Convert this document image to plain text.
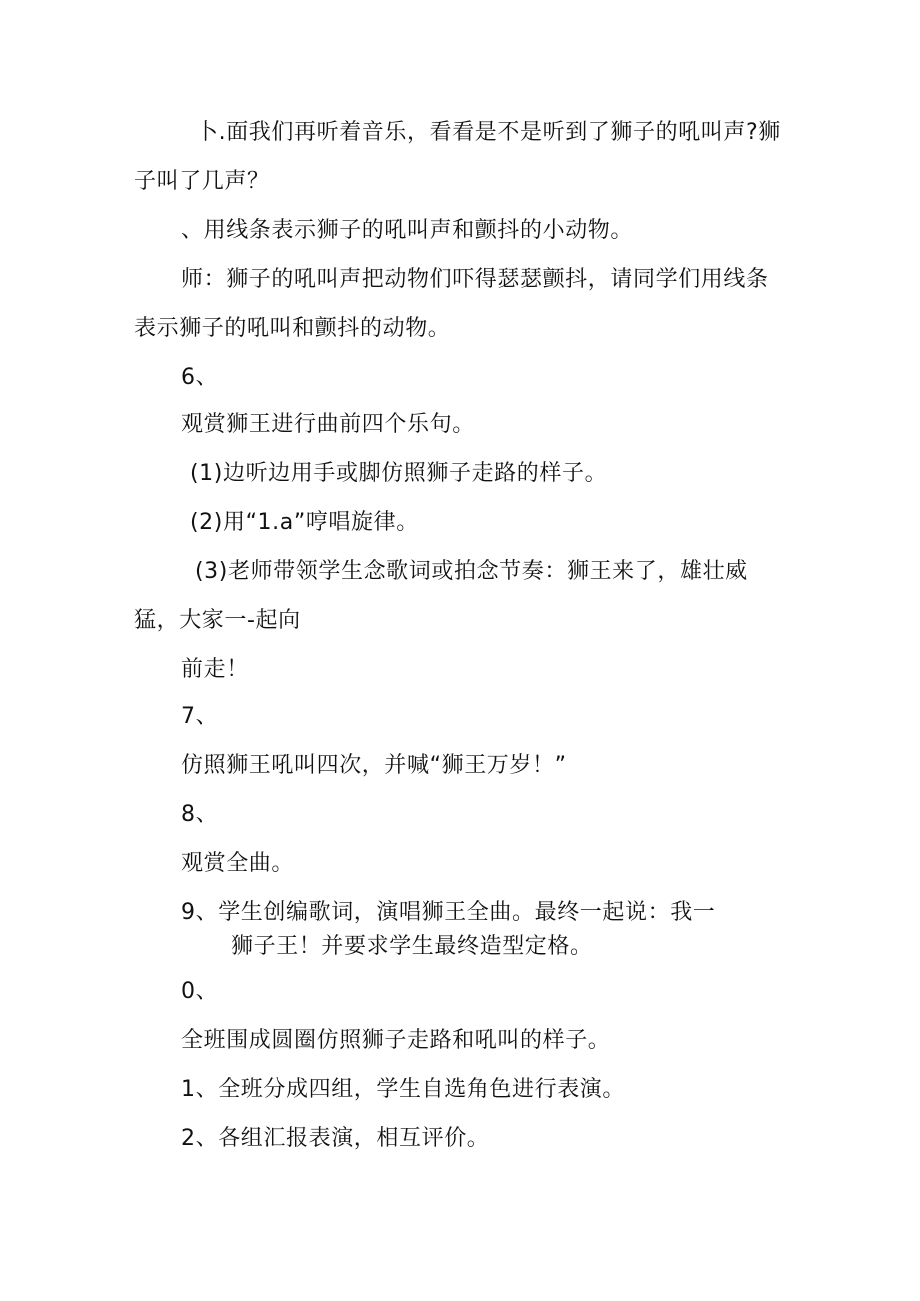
卜.面我们再听着音乐，看看是不是听到了狮子的吼叫声?狮
子叫了几声？
、用线条表示狮子的吼叫声和颤抖的小动物。
师：狮子的吼叫声把动物们吓得瑟瑟颤抖，请同学们用线条
表示狮子的吼叫和颤抖的动物。
6、
观赏狮王进行曲前四个乐句。
(1)边听边用手或脚仿照狮子走路的样子。
(2)用“1.a”哼唱旋律。
(3)老师带领学生念歌词或拍念节奏：狮王来了，雄壮威
猛，大家一-起向
前走！
7、
仿照狮王吼叫四次，并喊“狮王万岁！”
8、
观赏全曲。
9、学生创编歌词，演唱狮王全曲。最终一起说：我一
狮子王！并要求学生最终造型定格。
0、
全班围成圆圈仿照狮子走路和吼叫的样子。
1、全班分成四组，学生自选角色进行表演。
2、各组汇报表演，相互评价。
